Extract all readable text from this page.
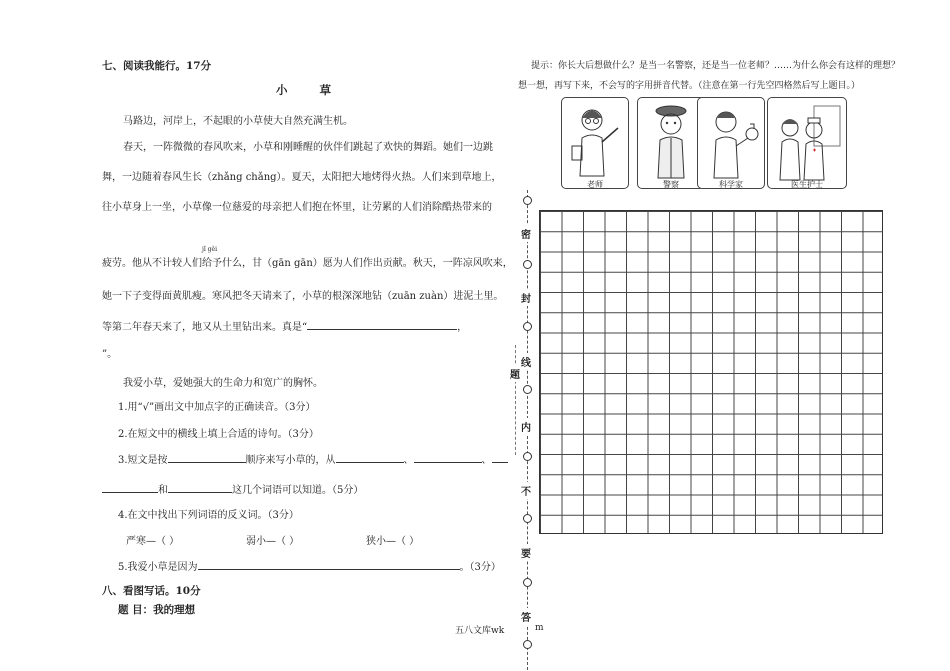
七、阅读我能行。17分
小 草
马路边，河岸上，不起眼的小草使大自然充满生机。
春天，一阵微微的春风吹来，小草和刚睡醒的伙伴们跳起了欢快的舞蹈。她们一边跳
舞，一边随着春风生长（zhǎng chǎng）。夏天，太阳把大地烤得火热。人们来到草地上，
往小草身上一坐，小草像一位慈爱的母亲把人们抱在怀里，让劳累的人们消除酷热带来的
jǐ gěi
疲劳。他从不计较人们给予什么，甘（gān gān）愿为人们作出贡献。秋天，一阵凉风吹来，
她一下子变得面黄肌瘦。寒风把冬天请来了，小草的根深深地钻（zuān zuàn）进泥土里。
等第二年春天来了，地又从土里钻出来。真是“	，
”。
我爱小草，爱她强大的生命力和宽广的胸怀。
1.用“√”画出文中加点字的正确读音。（3分）
2.在短文中的横线上填上合适的诗句。（3分）
3.短文是按	顺序来写小草的，从	、	、
和	这几个词语可以知道。（5分）
4.在文中找出下列词语的反义词。（3分）
严寒—（ ）	弱小—（ ）	狭小—（ ）
5.我爱小草是因为	。（3分）
八、看图写话。10分
题 目：我的理想
密
封
线
题
内
不
要
答
提示：你长大后想做什么？是当一名警察，还是当一位老师？……为什么你会有这样的理想？
想一想，再写下来，不会写的字用拼音代替。（注意在第一行先空四格然后写上题目。）
老师	警察	科学家	医生护士
五八文库wk	m
